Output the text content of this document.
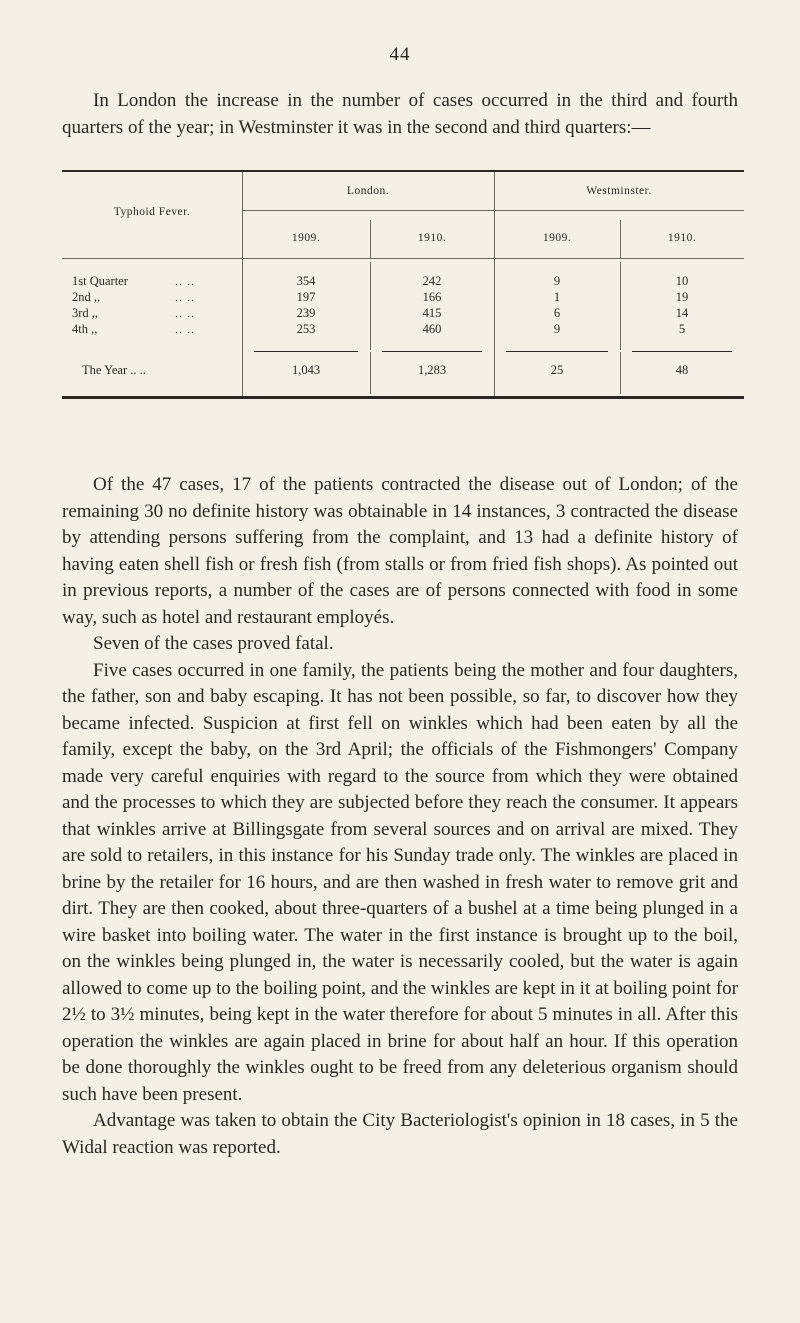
44

In London the increase in the number of cases occurred in the third and fourth quarters of the year; in Westminster it was in the second and third quarters:—

Typhoid Fever.
London.	Westminster.
1909.	1910.	1909.	1910.
1st Quarter	.. ..	354	242	9	10
2nd ,,	.. ..	197	166	1	19
3rd ,,	.. ..	239	415	6	14
4th ,,	.. ..	253	460	9	5
The Year .. ..	1,043	1,283	25	48

Of the 47 cases, 17 of the patients contracted the disease out of London; of the remaining 30 no definite history was obtainable in 14 instances, 3 contracted the disease by attending persons suffering from the complaint, and 13 had a definite history of having eaten shell fish or fresh fish (from stalls or from fried fish shops). As pointed out in previous reports, a number of the cases are of persons connected with food in some way, such as hotel and restaurant employés.

Seven of the cases proved fatal.

Five cases occurred in one family, the patients being the mother and four daughters, the father, son and baby escaping. It has not been possible, so far, to discover how they became infected. Suspicion at first fell on winkles which had been eaten by all the family, except the baby, on the 3rd April; the officials of the Fishmongers' Company made very careful enquiries with regard to the source from which they were obtained and the processes to which they are subjected before they reach the consumer. It appears that winkles arrive at Billingsgate from several sources and on arrival are mixed. They are sold to retailers, in this instance for his Sunday trade only. The winkles are placed in brine by the retailer for 16 hours, and are then washed in fresh water to remove grit and dirt. They are then cooked, about three-quarters of a bushel at a time being plunged in a wire basket into boiling water. The water in the first instance is brought up to the boil, on the winkles being plunged in, the water is necessarily cooled, but the water is again allowed to come up to the boiling point, and the winkles are kept in it at boiling point for 2½ to 3½ minutes, being kept in the water therefore for about 5 minutes in all. After this operation the winkles are again placed in brine for about half an hour. If this operation be done thoroughly the winkles ought to be freed from any deleterious organism should such have been present.

Advantage was taken to obtain the City Bacteriologist's opinion in 18 cases, in 5 the Widal reaction was reported.
